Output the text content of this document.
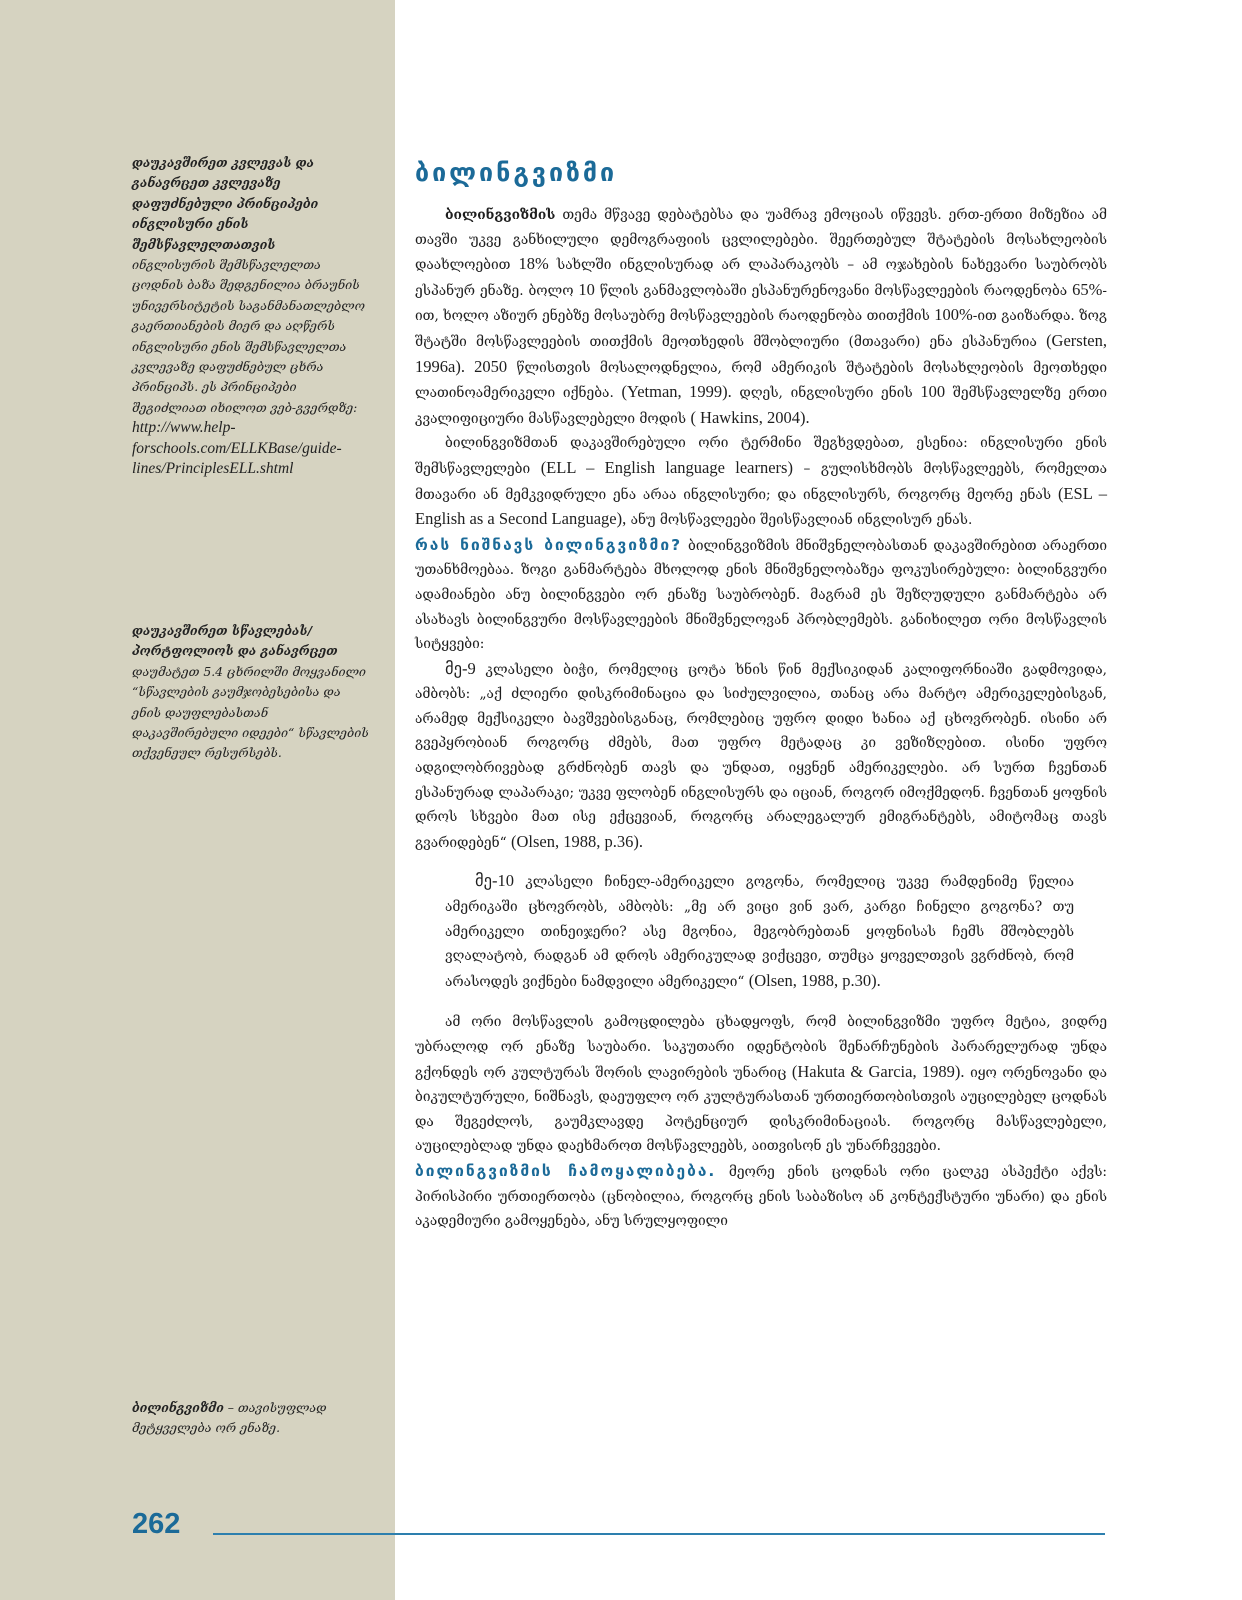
დაუკავშირეთ კვლევას და განავრცეთ კვლევაზე დაფუძნებული პრინციპები ინგლისური ენის შემსწავლელთათვის
ინგლისურის შემსწავლელთა ცოდნის ბაზა შედგენილია ბრაუნის უნივერსიტეტის საგანმანათლებლო გაერთიანების მიერ და აღწერს ინგლისური ენის შემსწავლელთა კვლევაზე დაფუძნებულ ცხრა პრინციპს. ეს პრინციპები შეგიძლიათ იხილოთ ვებ-გვერდზე:
http://www.help-forschools.com/ELLKBase/guide-lines/PrinciplesELL.shtml
დაუკავშირეთ სწავლებას/პორტფოლიოს და განავრცეთ
დაუმატეთ 5.4 ცხრილში მოყვანილი “სწავლების გაუმჯობესებისა და ენის დაუფლებასთან დაკავშირებული იდეები“ სწავლების თქვენეულ რესურსებს.
ბილინგვიზმი – თავისუფლად მეტყველება ორ ენაზე.
262
ბილინგვიზმი

ბილინგვიზმის თემა მწვავე დებატებსა და უამრავ ემოციას იწვევს. ერთ-ერთი მიზეზია ამ თავში უკვე განხილული დემოგრაფიის ცვლილებები. შეერთებულ შტატების მოსახლეობის დაახლოებით 18% სახლში ინგლისურად არ ლაპარაკობს – ამ ოჯახების ნახევარი საუბრობს ესპანურ ენაზე. ბოლო 10 წლის განმავლობაში ესპანურენოვანი მოსწავლეების რაოდენობა 65%-ით, ხოლო აზიურ ენებზე მოსაუბრე მოსწავლეების რაოდენობა თითქმის 100%-ით გაიზარდა. ზოგ შტატში მოსწავლეების თითქმის მეოთხედის მშობლიური (მთავარი) ენა ესპანურია (Gersten, 1996a). 2050 წლისთვის მოსალოდნელია, რომ ამერიკის შტატების მოსახლეობის მეოთხედი ლათინოამერიკელი იქნება. (Yetman, 1999). დღეს, ინგლისური ენის 100 შემსწავლელზე ერთი კვალიფიციური მასწავლებელი მოდის ( Hawkins, 2004).

ბილინგვიზმთან დაკავშირებული ორი ტერმინი შეგხვდებათ, ესენია: ინგლისური ენის შემსწავლელები (ELL – English language learners) – გულისხმობს მოსწავლეებს, რომელთა მთავარი ან მემკვიდრული ენა არაა ინგლისური; და ინგლისურს, როგორც მეორე ენას (ESL – English as a Second Language), ანუ მოსწავლეები შეისწავლიან ინგლისურ ენას.

რას ნიშნავს ბილინგვიზმი? ბილინგვიზმის მნიშვნელობასთან დაკავშირებით არაერთი უთანხმოებაა. ზოგი განმარტება მხოლოდ ენის მნიშვნელობაზეა ფოკუსირებული: ბილინგვური ადამიანები ანუ ბილინგვები ორ ენაზე საუბრობენ. მაგრამ ეს შეზღუდული განმარტება არ ასახავს ბილინგვური მოსწავლეების მნიშვნელოვან პრობლემებს. განიხილეთ ორი მოსწავლის სიტყვები:

მე-9 კლასელი ბიჭი, რომელიც ცოტა ხნის წინ მექსიკიდან კალიფორნიაში გადმოვიდა, ამბობს: „აქ ძლიერი დისკრიმინაცია და სიძულვილია, თანაც არა მარტო ამერიკელებისგან, არამედ მექსიკელი ბავშვებისგანაც, რომლებიც უფრო დიდი ხანია აქ ცხოვრობენ. ისინი არ გვეპყრობიან როგორც ძმებს, მათ უფრო მეტადაც კი ვეზიზღებით. ისინი უფრო ადგილობრივებად გრძნობენ თავს და უნდათ, იყვნენ ამერიკელები. არ სურთ ჩვენთან ესპანურად ლაპარაკი; უკვე ფლობენ ინგლისურს და იციან, როგორ იმოქმედონ. ჩვენთან ყოფნის დროს სხვები მათ ისე ექცევიან, როგორც არალეგალურ ემიგრანტებს, ამიტომაც თავს გვარიდებენ“ (Olsen, 1988, p.36).

მე-10 კლასელი ჩინელ-ამერიკელი გოგონა, რომელიც უკვე რამდენიმე წელია ამერიკაში ცხოვრობს, ამბობს: „მე არ ვიცი ვინ ვარ, კარგი ჩინელი გოგონა? თუ ამერიკელი თინეიჯერი? ასე მგონია, მეგობრებთან ყოფნისას ჩემს მშობლებს ვღალატობ, რადგან ამ დროს ამერიკულად ვიქცევი, თუმცა ყოველთვის ვგრძნობ, რომ არასოდეს ვიქნები ნამდვილი ამერიკელი“ (Olsen, 1988, p.30).

ამ ორი მოსწავლის გამოცდილება ცხადყოფს, რომ ბილინგვიზმი უფრო მეტია, ვიდრე უბრალოდ ორ ენაზე საუბარი. საკუთარი იდენტობის შენარჩუნების პარარელურად უნდა გქონდეს ორ კულტურას შორის ლავირების უნარიც (Hakuta & Garcia, 1989). იყო ორენოვანი და ბიკულტურული, ნიშნავს, დაეუფლო ორ კულტურასთან ურთიერთობისთვის აუცილებელ ცოდნას და შეგეძლოს, გაუმკლავდე პოტენციურ დისკრიმინაციას. როგორც მასწავლებელი, აუცილებლად უნდა დაეხმაროთ მოსწავლეებს, აითვისონ ეს უნარჩვევები.

ბილინგვიზმის ჩამოყალიბება. მეორე ენის ცოდნას ორი ცალკე ასპექტი აქვს: პირისპირი ურთიერთობა (ცნობილია, როგორც ენის საბაზისო ან კონტექსტური უნარი) და ენის აკადემიური გამოყენება, ანუ სრულყოფილი
